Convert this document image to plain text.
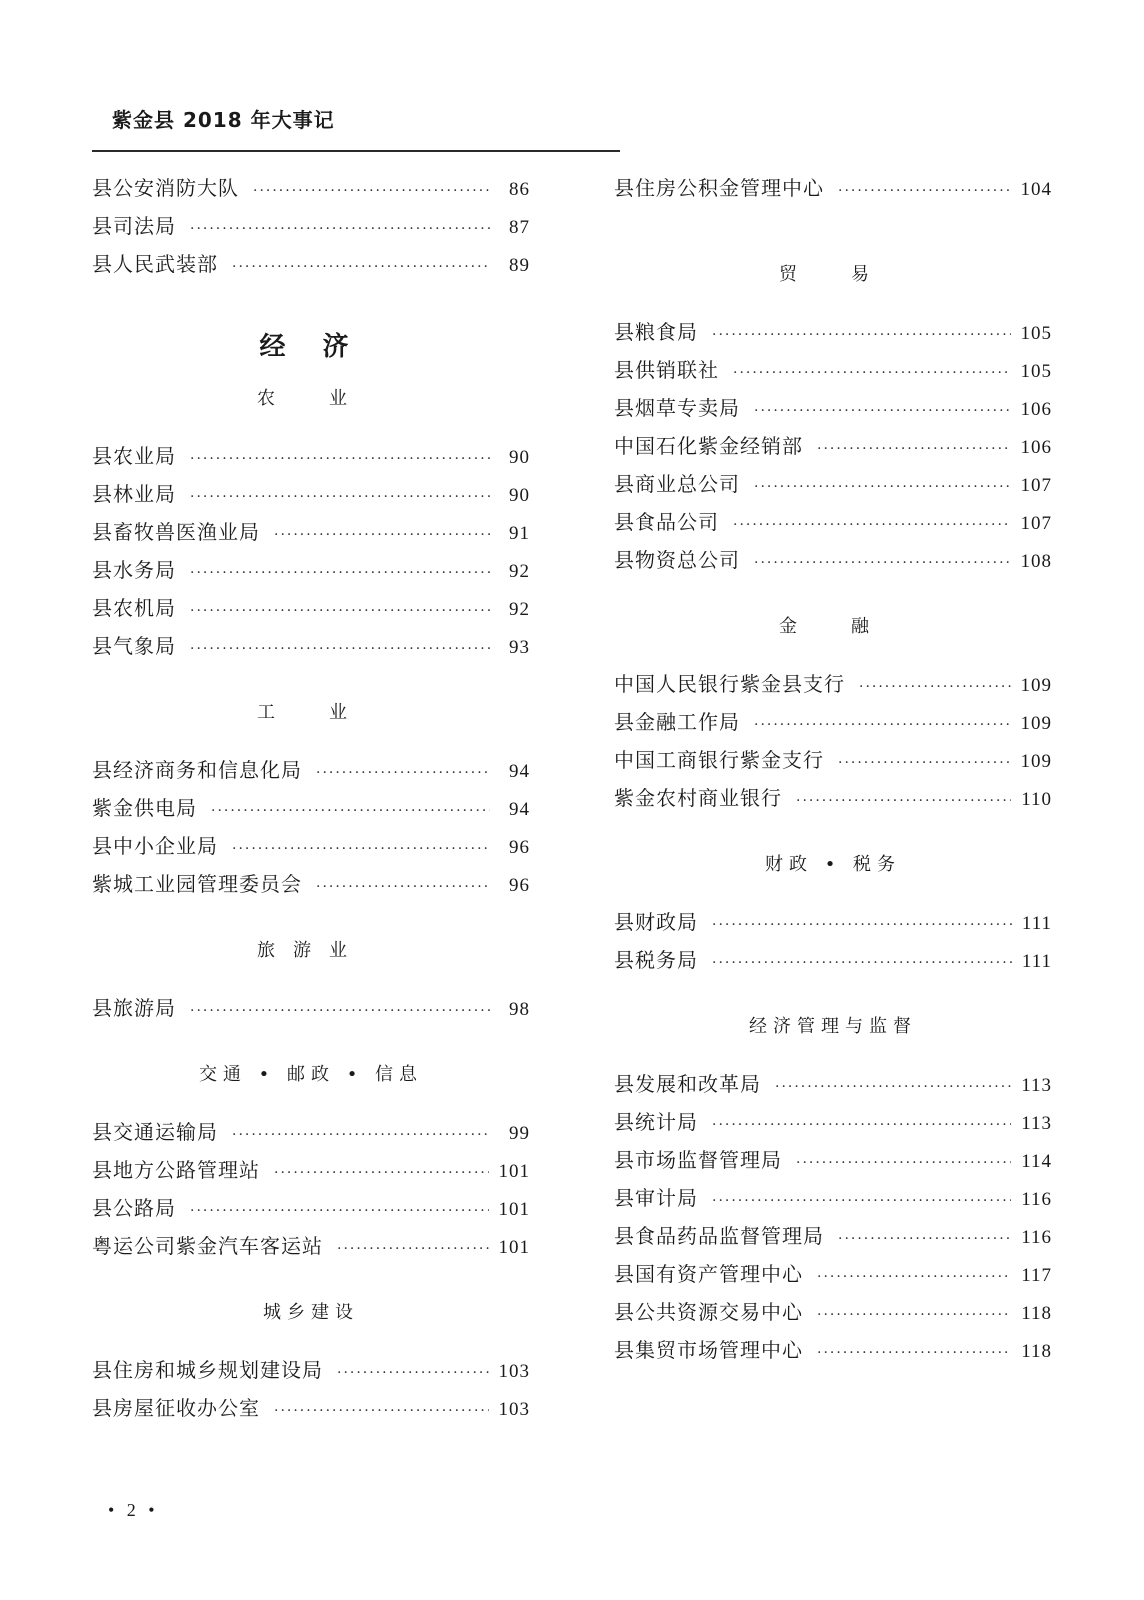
紫金县 2018 年大事记
县公安消防大队 ·····	86
县司法局 ·····	87
县人民武装部 ·····	89
经 济
农　业
县农业局 ·····	90
县林业局 ·····	90
县畜牧兽医渔业局 ·····	91
县水务局 ·····	92
县农机局 ·····	92
县气象局 ·····	93
工　业
县经济商务和信息化局 ·····	94
紫金供电局 ·····	94
县中小企业局 ·····	96
紫城工业园管理委员会 ·····	96
旅游业
县旅游局 ·····	98
交通 • 邮政 • 信息
县交通运输局 ·····	99
县地方公路管理站 ·····	101
县公路局 ·····	101
粤运公司紫金汽车客运站 ·····	101
城乡建设
县住房和城乡规划建设局 ·····	103
县房屋征收办公室 ·····	103
县住房公积金管理中心 ·····	104
贸　易
县粮食局 ·····	105
县供销联社 ·····	105
县烟草专卖局 ·····	106
中国石化紫金经销部 ·····	106
县商业总公司 ·····	107
县食品公司 ·····	107
县物资总公司 ·····	108
金　融
中国人民银行紫金县支行 ·····	109
县金融工作局 ·····	109
中国工商银行紫金支行 ·····	109
紫金农村商业银行 ·····	110
财政 • 税务
县财政局 ·····	111
县税务局 ·····	111
经济管理与监督
县发展和改革局 ·····	113
县统计局 ·····	113
县市场监督管理局 ·····	114
县审计局 ·····	116
县食品药品监督管理局 ·····	116
县国有资产管理中心 ·····	117
县公共资源交易中心 ·····	118
县集贸市场管理中心 ·····	118
• 2 •
